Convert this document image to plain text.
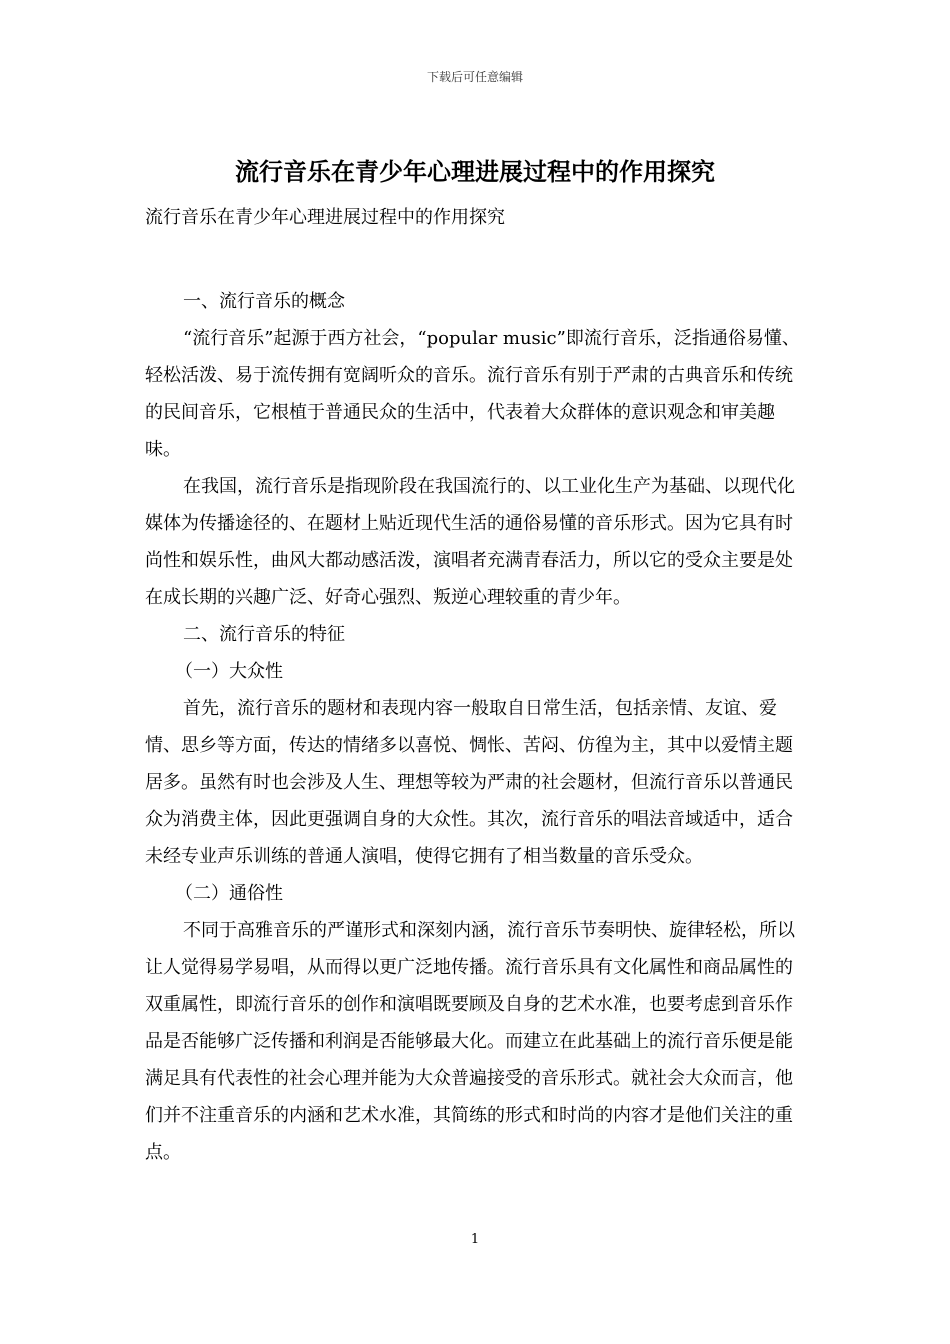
下载后可任意编辑
流行音乐在青少年心理进展过程中的作用探究

流行音乐在青少年心理进展过程中的作用探究

一、流行音乐的概念

“流行音乐”起源于西方社会，“popular music”即流行音乐，泛指通俗易懂、轻松活泼、易于流传拥有宽阔听众的音乐。流行音乐有别于严肃的古典音乐和传统的民间音乐，它根植于普通民众的生活中，代表着大众群体的意识观念和审美趣味。

在我国，流行音乐是指现阶段在我国流行的、以工业化生产为基础、以现代化媒体为传播途径的、在题材上贴近现代生活的通俗易懂的音乐形式。因为它具有时尚性和娱乐性，曲风大都动感活泼，演唱者充满青春活力，所以它的受众主要是处在成长期的兴趣广泛、好奇心强烈、叛逆心理较重的青少年。

二、流行音乐的特征

（一）大众性

首先，流行音乐的题材和表现内容一般取自日常生活，包括亲情、友谊、爱情、思乡等方面，传达的情绪多以喜悦、惆怅、苦闷、仿徨为主，其中以爱情主题居多。虽然有时也会涉及人生、理想等较为严肃的社会题材，但流行音乐以普通民众为消费主体，因此更强调自身的大众性。其次，流行音乐的唱法音域适中，适合未经专业声乐训练的普通人演唱，使得它拥有了相当数量的音乐受众。

（二）通俗性

不同于高雅音乐的严谨形式和深刻内涵，流行音乐节奏明快、旋律轻松，所以让人觉得易学易唱，从而得以更广泛地传播。流行音乐具有文化属性和商品属性的双重属性，即流行音乐的创作和演唱既要顾及自身的艺术水准，也要考虑到音乐作品是否能够广泛传播和利润是否能够最大化。而建立在此基础上的流行音乐便是能满足具有代表性的社会心理并能为大众普遍接受的音乐形式。就社会大众而言，他们并不注重音乐的内涵和艺术水准，其简练的形式和时尚的内容才是他们关注的重点。

1
